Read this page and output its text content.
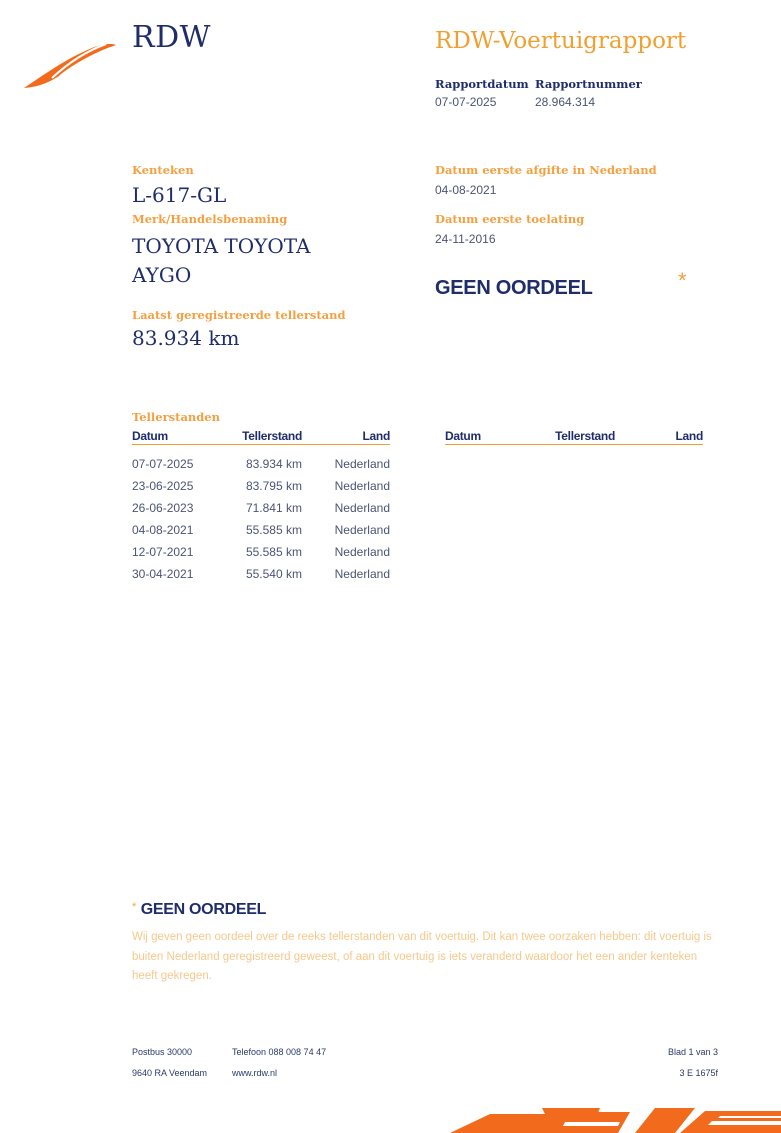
RDW	RDW-Voertuigrapport
Rapportdatum
07-07-2025
Rapportnummer
28.964.314
Kenteken
L-617-GL
Merk/Handelsbenaming
TOYOTA TOYOTA
AYGO
Laatst geregistreerde tellerstand
83.934 km
Datum eerste afgifte in Nederland
04-08-2021
Datum eerste toelating
24-11-2016
GEEN OORDEEL	*
Tellerstanden
Datum	Tellerstand	Land

07-07-2025	83.934 km	Nederland
23-06-2025	83.795 km	Nederland
26-06-2023	71.841 km	Nederland
04-08-2021	55.585 km	Nederland
12-07-2021	55.585 km	Nederland
30-04-2021	55.540 km	Nederland
Datum	Tellerstand	Land
* GEEN OORDEEL
Wij geven geen oordeel over de reeks tellerstanden van dit voertuig. Dit kan twee oorzaken hebben: dit voertuig is buiten Nederland geregistreerd geweest, of aan dit voertuig is iets veranderd waardoor het een ander kenteken heeft gekregen.
Postbus 30000
9640 RA Veendam
Telefoon 088 008 74 47
www.rdw.nl
Blad 1 van 3
3 E 1675f
